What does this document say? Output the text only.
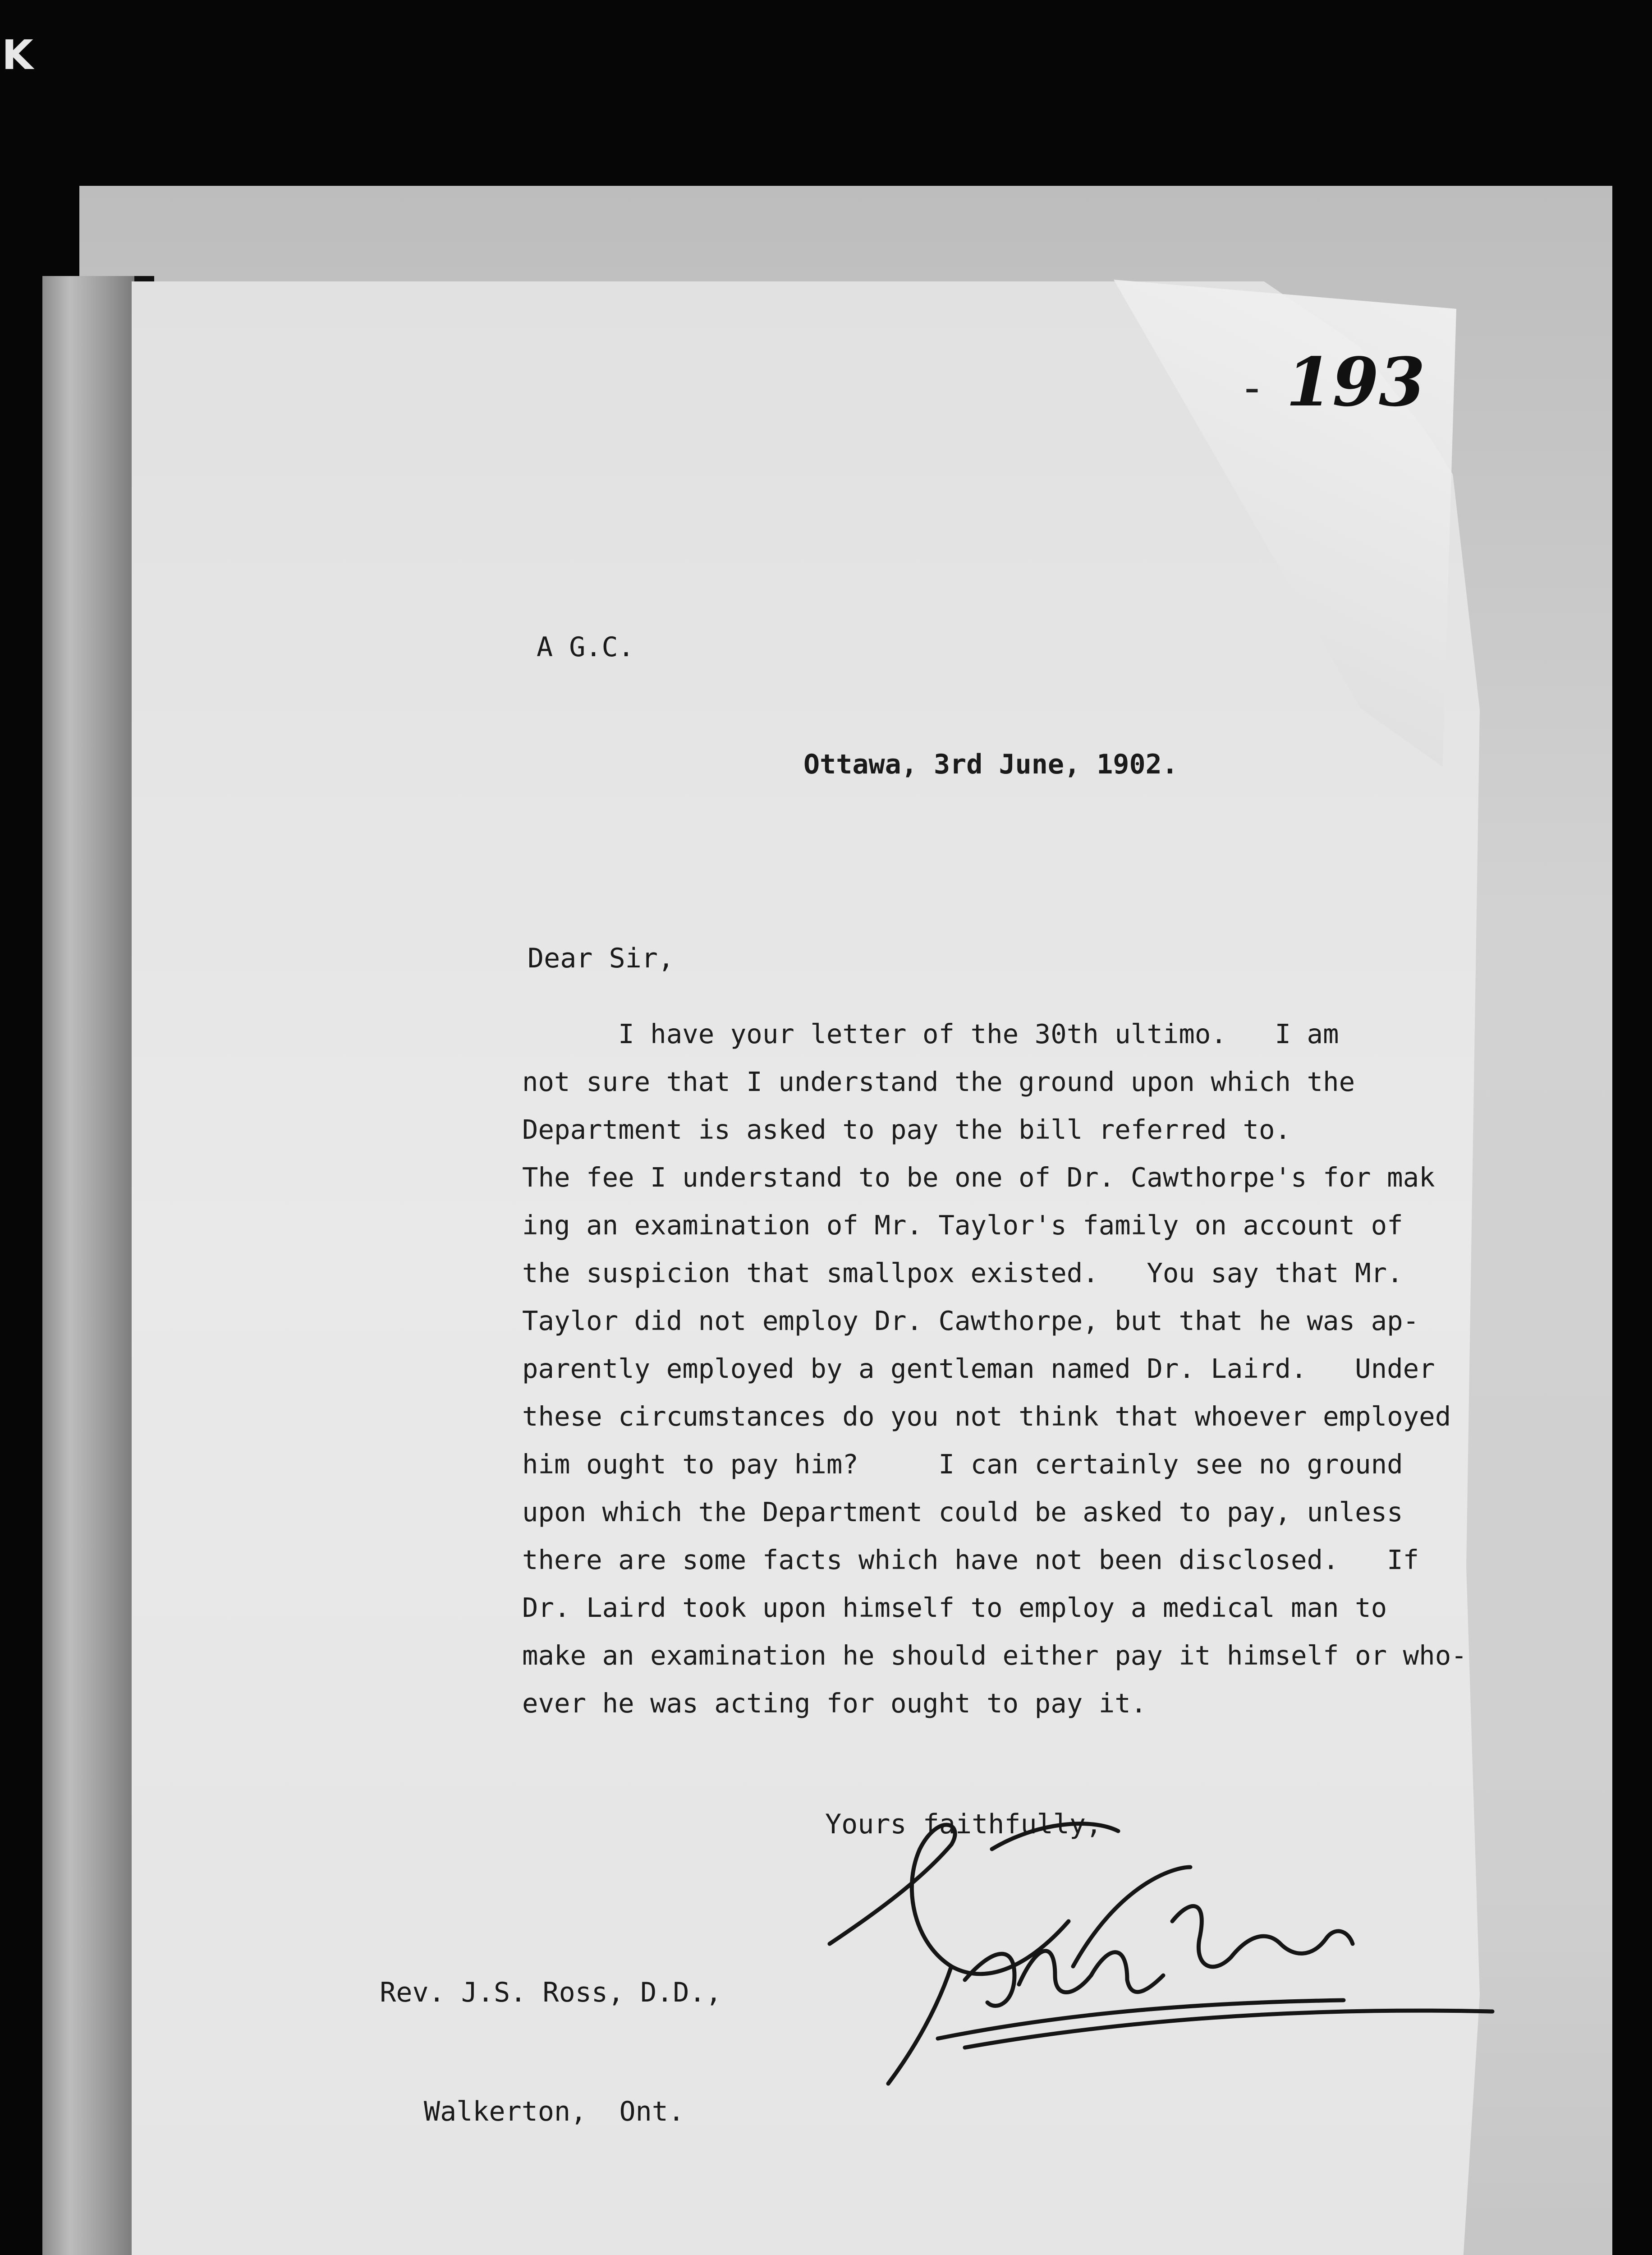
K
- 193
A G.C.
Ottawa, 3rd June, 1902.
Dear Sir,
I have your letter of the 30th ultimo.   I am
not sure that I understand the ground upon which the
Department is asked to pay the bill referred to.
The fee I understand to be one of Dr. Cawthorpe's for mak
ing an examination of Mr. Taylor's family on account of
the suspicion that smallpox existed.   You say that Mr.
Taylor did not employ Dr. Cawthorpe, but that he was ap-
parently employed by a gentleman named Dr. Laird.   Under
these circumstances do you not think that whoever employed
him ought to pay him?     I can certainly see no ground
upon which the Department could be asked to pay, unless
there are some facts which have not been disclosed.   If
Dr. Laird took upon himself to employ a medical man to
make an examination he should either pay it himself or who-
ever he was acting for ought to pay it.
Yours faithfully,

Rev. J.S. Ross, D.D.,

Walkerton,  Ont.
